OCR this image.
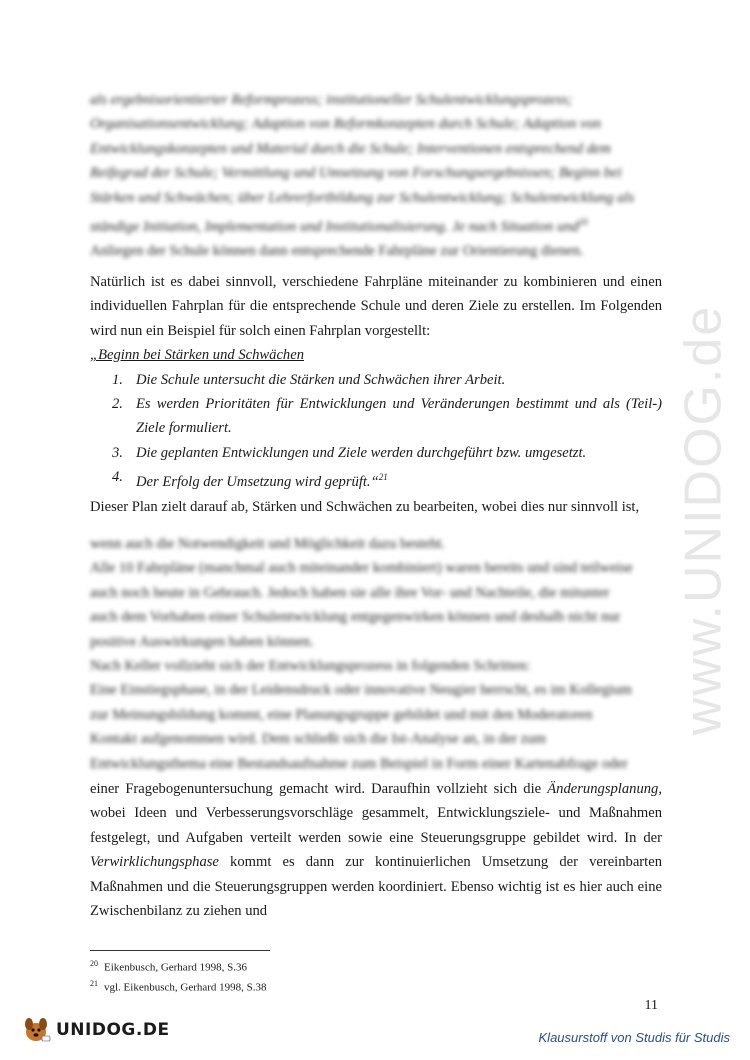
als ergebnisorientierter Reformprozess; institutioneller Schulentwicklungsprozess;
Organisationsentwicklung; Adaption von Reformkonzepten durch Schule; Adaption von
Entwicklungskonzepten und Material durch die Schule; Interventionen entsprechend dem
Reifegrad der Schule; Vermittlung und Umsetzung von Forschungsergebnissen; Beginn bei
Stärken und Schwächen; über Lehrerfortbildung zur Schulentwicklung; Schulentwicklung als
ständige Initiation, Implementation und Institutionalisierung. Je nach Situation und$^{20}$
Anliegen der Schule können dann entsprechende Fahrpläne zur Orientierung dienen.
Natürlich ist es dabei sinnvoll, verschiedene Fahrpläne miteinander zu kombinieren und einen individuellen Fahrplan für die entsprechende Schule und deren Ziele zu erstellen. Im Folgenden wird nun ein Beispiel für solch einen Fahrplan vorgestellt:
„Beginn bei Stärken und Schwächen
1. Die Schule untersucht die Stärken und Schwächen ihrer Arbeit.
2. Es werden Prioritäten für Entwicklungen und Veränderungen bestimmt und als (Teil-) Ziele formuliert.
3. Die geplanten Entwicklungen und Ziele werden durchgeführt bzw. umgesetzt.
4. Der Erfolg der Umsetzung wird geprüft.“$^{21}$
Dieser Plan zielt darauf ab, Stärken und Schwächen zu bearbeiten, wobei dies nur sinnvoll ist,
wenn auch die Notwendigkeit und Möglichkeit dazu besteht.
Alle 10 Fahrpläne (manchmal auch miteinander kombiniert) waren bereits und sind teilweise
auch noch heute in Gebrauch. Jedoch haben sie alle ihre Vor- und Nachteile, die mitunter
auch dem Vorhaben einer Schulentwicklung entgegenwirken können und deshalb nicht nur
positive Auswirkungen haben können.
Nach Keller vollzieht sich der Entwicklungsprozess in folgenden Schritten:
Eine Einstiegsphase, in der Leidensdruck oder innovative Neugier herrscht, es im Kollegium
zur Meinungsbildung kommt, eine Planungsgruppe gebildet und mit den Moderatoren
Kontakt aufgenommen wird. Dem schließt sich die Ist-Analyse an, in der zum
Entwicklungsthema eine Bestandsaufnahme zum Beispiel in Form einer Kartenabfrage oder
einer Fragebogenuntersuchung gemacht wird. Daraufhin vollzieht sich die Änderungsplanung, wobei Ideen und Verbesserungsvorschläge gesammelt, Entwicklungsziele- und Maßnahmen festgelegt, und Aufgaben verteilt werden sowie eine Steuerungsgruppe gebildet wird. In der Verwirklichungsphase kommt es dann zur kontinuierlichen Umsetzung der vereinbarten Maßnahmen und die Steuerungsgruppen werden koordiniert. Ebenso wichtig ist es hier auch eine Zwischenbilanz zu ziehen und
www.UNIDOG.de
$^{20}$ Eikenbusch, Gerhard 1998, S.36
$^{21}$ vgl. Eikenbusch, Gerhard 1998, S.38
11
UNIDOG.DE	Klausurstoff von Studis für Studis
